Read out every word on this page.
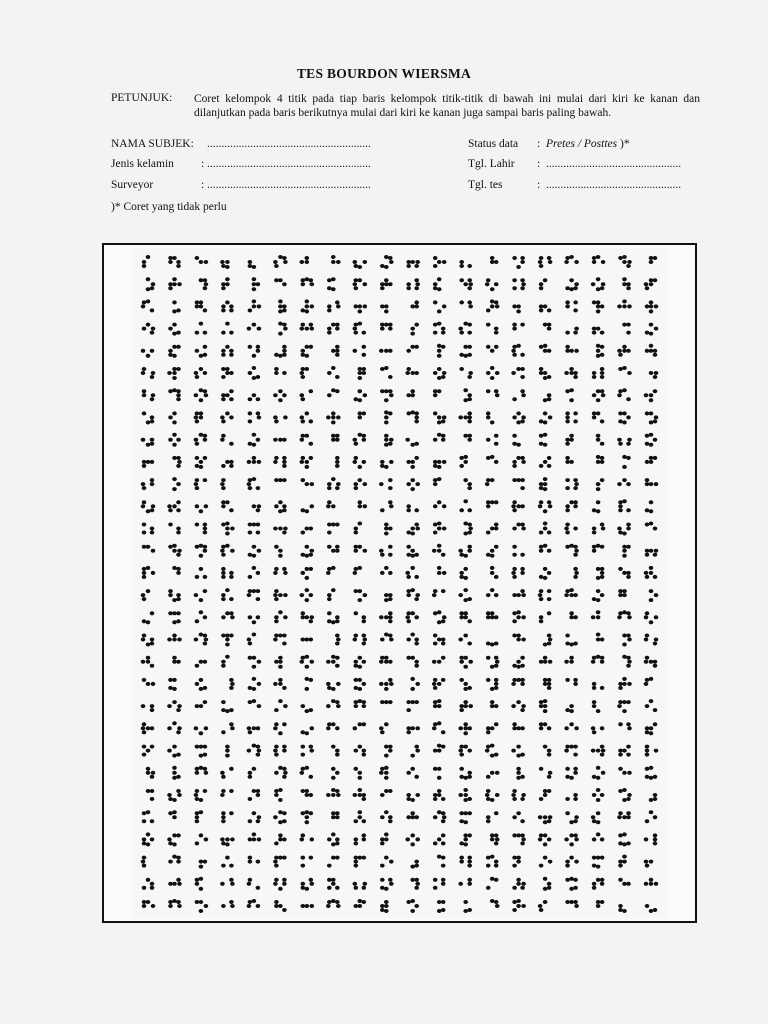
TES BOURDON WIERSMA
PETUNJUK: Coret kelompok 4 titik pada tiap baris kelompok titik-titik di bawah ini mulai dari kiri ke kanan dan dilanjutkan pada baris berikutnya mulai dari kiri ke kanan juga sampai baris paling bawah.
NAMA SUBJEK: .........................................................
Jenis kelamin : .........................................................
Surveyor	: .........................................................
Status data : Pretes / Posttes )*
Tgl. Lahir : ...............................................
Tgl. tes	: ...............................................
)* Coret yang tidak perlu
